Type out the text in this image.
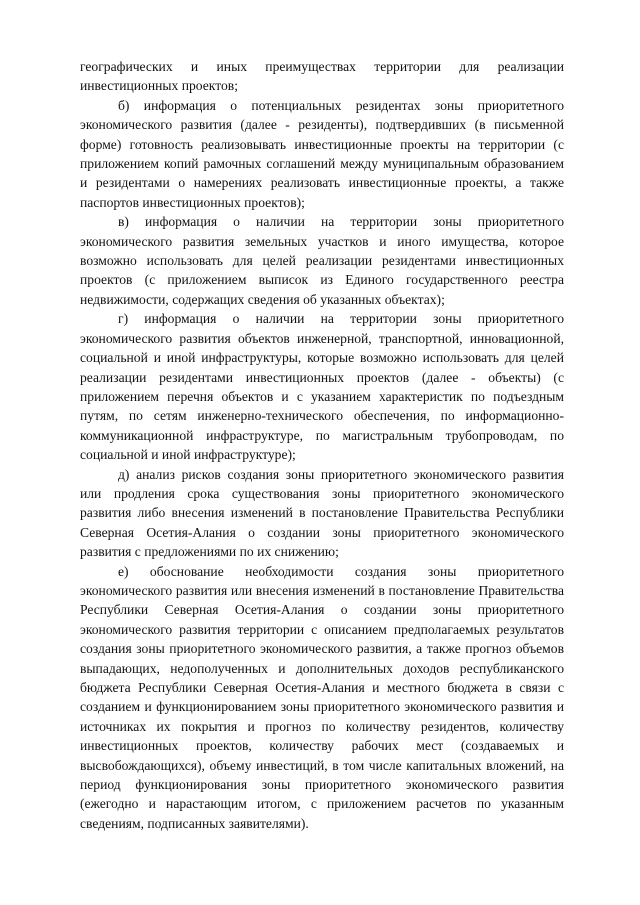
географических и иных преимуществах территории для реализации инвестиционных проектов;

б) информация о потенциальных резидентах зоны приоритетного экономического развития (далее - резиденты), подтвердивших (в письменной форме) готовность реализовывать инвестиционные проекты на территории (с приложением копий рамочных соглашений между муниципальным образованием и резидентами о намерениях реализовать инвестиционные проекты, а также паспортов инвестиционных проектов);

в) информация о наличии на территории зоны приоритетного экономического развития земельных участков и иного имущества, которое возможно использовать для целей реализации резидентами инвестиционных проектов (с приложением выписок из Единого государственного реестра недвижимости, содержащих сведения об указанных объектах);

г) информация о наличии на территории зоны приоритетного экономического развития объектов инженерной, транспортной, инновационной, социальной и иной инфраструктуры, которые возможно использовать для целей реализации резидентами инвестиционных проектов (далее - объекты) (с приложением перечня объектов и с указанием характеристик по подъездным путям, по сетям инженерно-технического обеспечения, по информационно-коммуникационной инфраструктуре, по магистральным трубопроводам, по социальной и иной инфраструктуре);

д) анализ рисков создания зоны приоритетного экономического развития или продления срока существования зоны приоритетного экономического развития либо внесения изменений в постановление Правительства Республики Северная Осетия-Алания о создании зоны приоритетного экономического развития с предложениями по их снижению;

е) обоснование необходимости создания зоны приоритетного экономического развития или внесения изменений в постановление Правительства Республики Северная Осетия-Алания о создании зоны приоритетного экономического развития территории с описанием предполагаемых результатов создания зоны приоритетного экономического развития, а также прогноз объемов выпадающих, недополученных и дополнительных доходов республиканского бюджета Республики Северная Осетия-Алания и местного бюджета в связи с созданием и функционированием зоны приоритетного экономического развития и источниках их покрытия и прогноз по количеству резидентов, количеству инвестиционных проектов, количеству рабочих мест (создаваемых и высвобождающихся), объему инвестиций, в том числе капитальных вложений, на период функционирования зоны приоритетного экономического развития (ежегодно и нарастающим итогом, с приложением расчетов по указанным сведениям, подписанных заявителями).
